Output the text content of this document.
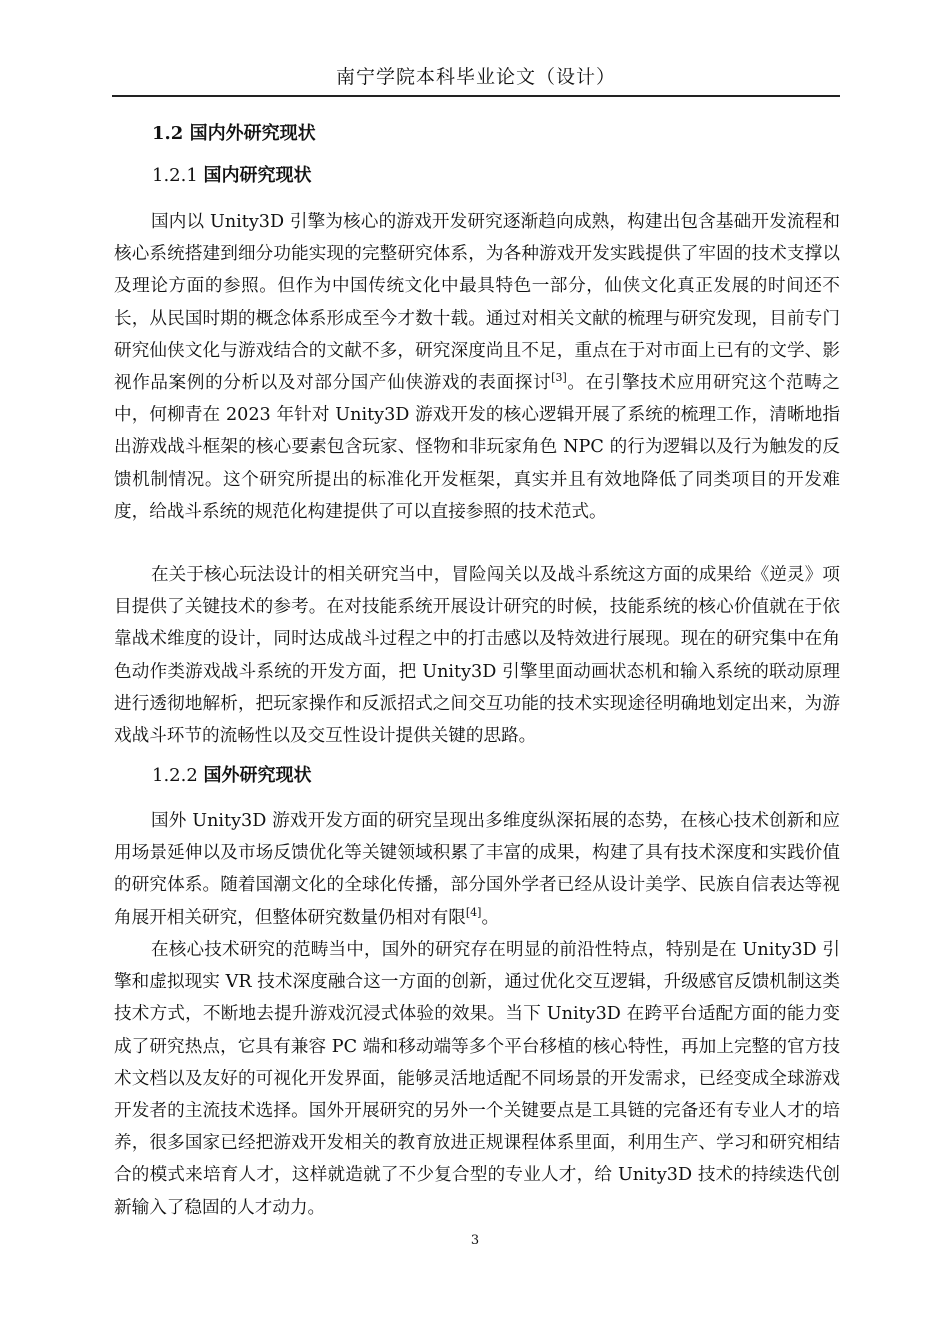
南宁学院本科毕业论文（设计）
1.2 国内外研究现状
1.2.1 国内研究现状

国内以 Unity3D 引擎为核心的游戏开发研究逐渐趋向成熟，构建出包含基础开发流程和核心系统搭建到细分功能实现的完整研究体系，为各种游戏开发实践提供了牢固的技术支撑以及理论方面的参照。但作为中国传统文化中最具特色一部分，仙侠文化真正发展的时间还不长，从民国时期的概念体系形成至今才数十载。通过对相关文献的梳理与研究发现，目前专门研究仙侠文化与游戏结合的文献不多，研究深度尚且不足，重点在于对市面上已有的文学、影视作品案例的分析以及对部分国产仙侠游戏的表面探讨[3]。在引擎技术应用研究这个范畴之中，何柳青在 2023 年针对 Unity3D 游戏开发的核心逻辑开展了系统的梳理工作，清晰地指出游戏战斗框架的核心要素包含玩家、怪物和非玩家角色 NPC 的行为逻辑以及行为触发的反馈机制情况。这个研究所提出的标准化开发框架，真实并且有效地降低了同类项目的开发难度，给战斗系统的规范化构建提供了可以直接参照的技术范式。

在关于核心玩法设计的相关研究当中，冒险闯关以及战斗系统这方面的成果给《逆灵》项目提供了关键技术的参考。在对技能系统开展设计研究的时候，技能系统的核心价值就在于依靠战术维度的设计，同时达成战斗过程之中的打击感以及特效进行展现。现在的研究集中在角色动作类游戏战斗系统的开发方面，把 Unity3D 引擎里面动画状态机和输入系统的联动原理进行透彻地解析，把玩家操作和反派招式之间交互功能的技术实现途径明确地划定出来，为游戏战斗环节的流畅性以及交互性设计提供关键的思路。

1.2.2 国外研究现状

国外 Unity3D 游戏开发方面的研究呈现出多维度纵深拓展的态势，在核心技术创新和应用场景延伸以及市场反馈优化等关键领域积累了丰富的成果，构建了具有技术深度和实践价值的研究体系。随着国潮文化的全球化传播，部分国外学者已经从设计美学、民族自信表达等视角展开相关研究，但整体研究数量仍相对有限[4]。

在核心技术研究的范畴当中，国外的研究存在明显的前沿性特点，特别是在 Unity3D 引擎和虚拟现实 VR 技术深度融合这一方面的创新，通过优化交互逻辑，升级感官反馈机制这类技术方式，不断地去提升游戏沉浸式体验的效果。当下 Unity3D 在跨平台适配方面的能力变成了研究热点，它具有兼容 PC 端和移动端等多个平台移植的核心特性，再加上完整的官方技术文档以及友好的可视化开发界面，能够灵活地适配不同场景的开发需求，已经变成全球游戏开发者的主流技术选择。国外开展研究的另外一个关键要点是工具链的完备还有专业人才的培养，很多国家已经把游戏开发相关的教育放进正规课程体系里面，利用生产、学习和研究相结合的模式来培育人才，这样就造就了不少复合型的专业人才，给 Unity3D 技术的持续迭代创新输入了稳固的人才动力。

3
